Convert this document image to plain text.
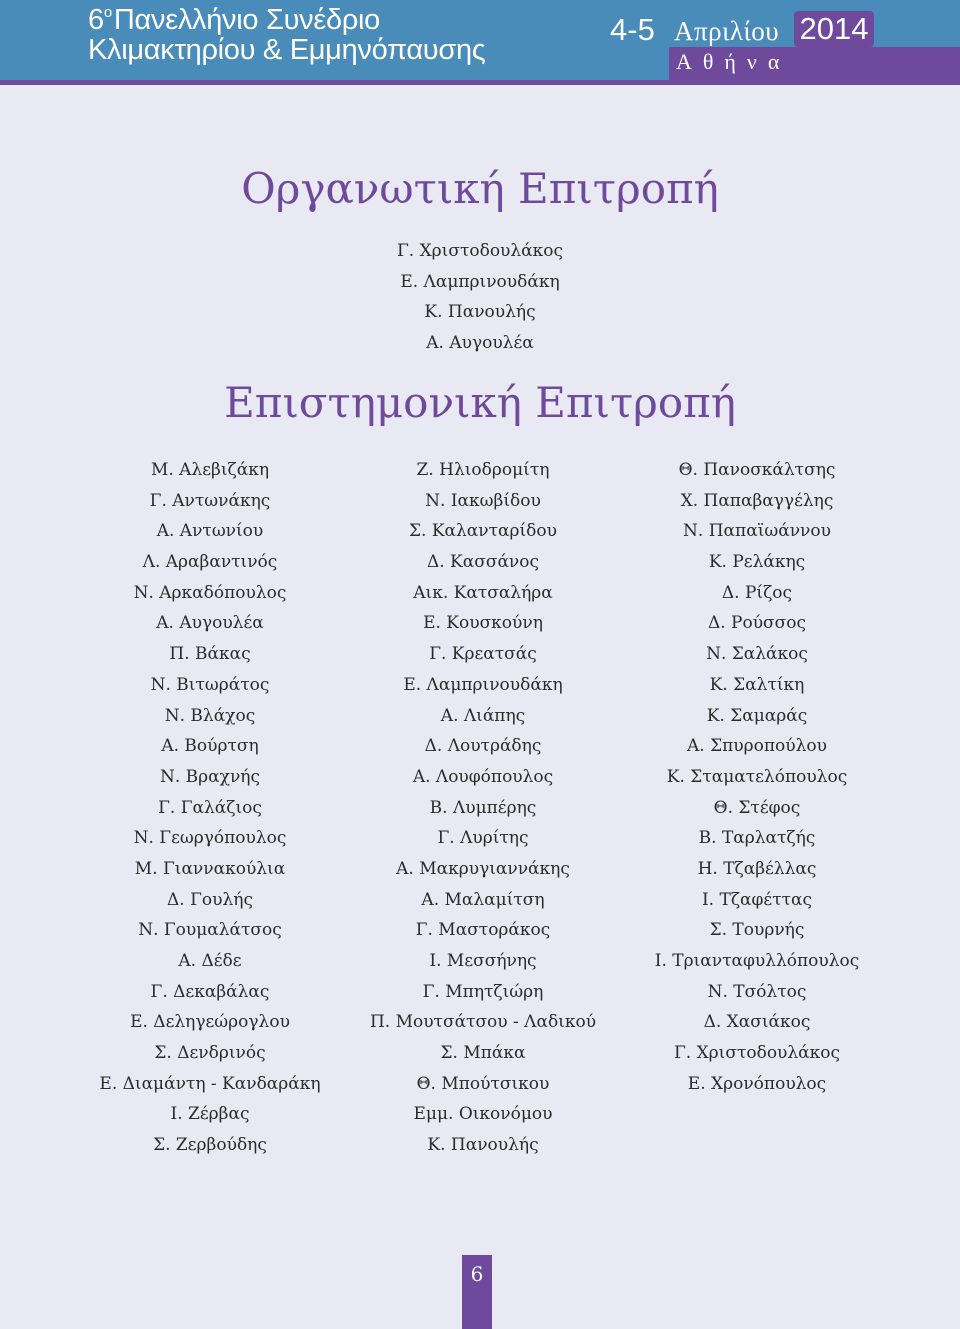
$6^o\Pi\alpha\nu\varepsilon\lambda\lambda ή\nu\iota o$ Συνέδριο
Κλιμακτηρίου & Εμμηνόπαυσης
4-5 Απριλίου 2014
Αθήνα
Οργανωτική Επιτροπή
Γ. Χριστοδουλάκος
Ε. Λαμπρινουδάκη
Κ. Πανουλής
Α. Αυγουλέα
Επιστημονική Επιτροπή
Μ. Αλεβιζάκη
Γ. Αντωνάκης
Α. Αντωνίου
Λ. Αραβαντινός
Ν. Αρκαδόπουλος
Α. Αυγουλέα
Π. Βάκας
Ν. Βιτωράτος
Ν. Βλάχος
Α. Βούρτση
Ν. Βραχνής
Γ. Γαλάζιος
Ν. Γεωργόπουλος
Μ. Γιαννακούλια
Δ. Γουλής
Ν. Γουμαλάτσος
Α. Δέδε
Γ. Δεκαβάλας
Ε. Δεληγεώρογλου
Σ. Δενδρινός
Ε. Διαμάντη - Κανδαράκη
Ι. Ζέρβας
Σ. Ζερβούδης
Ζ. Ηλιοδρομίτη
Ν. Ιακωβίδου
Σ. Καλανταρίδου
Δ. Κασσάνος
Αικ. Κατσαλήρα
Ε. Κουσκούνη
Γ. Κρεατσάς
Ε. Λαμπρινουδάκη
Α. Λιάπης
Δ. Λουτράδης
Α. Λουφόπουλος
Β. Λυμπέρης
Γ. Λυρίτης
Α. Μακρυγιαννάκης
Α. Μαλαμίτση
Γ. Μαστοράκος
Ι. Μεσσήνης
Γ. Μπητζιώρη
Π. Μουτσάτσου - Λαδικού
Σ. Μπάκα
Θ. Μπούτσικου
Εμμ. Οικονόμου
Κ. Πανουλής
Θ. Πανοσκάλτσης
Χ. Παπαβαγγέλης
Ν. Παπαϊωάννου
Κ. Ρελάκης
Δ. Ρίζος
Δ. Ρούσσος
Ν. Σαλάκος
Κ. Σαλτίκη
Κ. Σαμαράς
Α. Σπυροπούλου
Κ. Σταματελόπουλος
Θ. Στέφος
Β. Ταρλατζής
Η. Τζαβέλλας
Ι. Τζαφέττας
Σ. Τουρνής
Ι. Τριανταφυλλόπουλος
Ν. Τσόλτος
Δ. Χασιάκος
Γ. Χριστοδουλάκος
Ε. Χρονόπουλος
6
